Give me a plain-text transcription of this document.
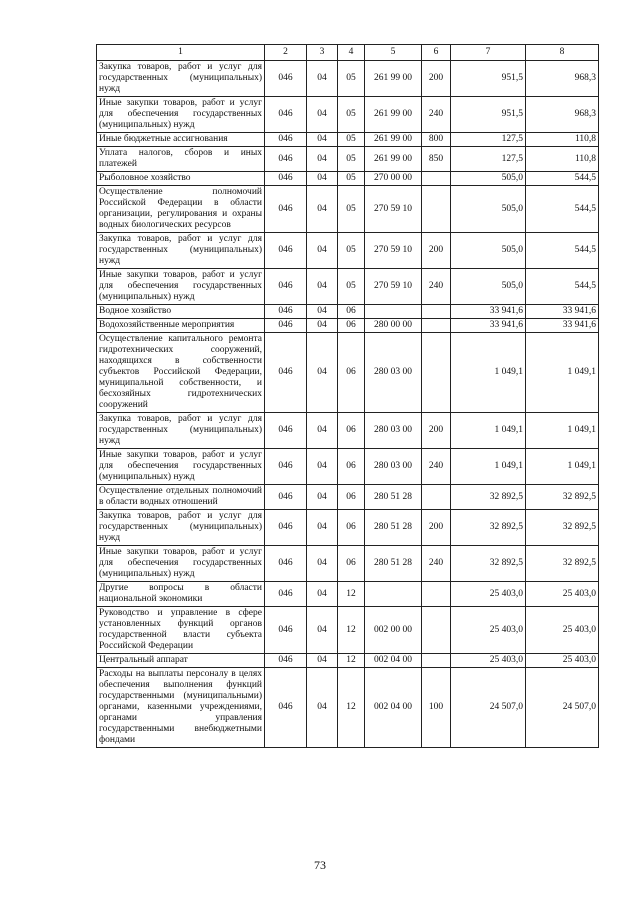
1	2	3	4	5	6	7	8
Закупка товаров, работ и услуг для государственных (муниципальных) нужд	046	04	05	261 99 00	200	951,5	968,3
Иные закупки товаров, работ и услуг для обеспечения государственных (муниципальных) нужд	046	04	05	261 99 00	240	951,5	968,3
Иные бюджетные ассигнования	046	04	05	261 99 00	800	127,5	110,8
Уплата налогов, сборов и иных платежей	046	04	05	261 99 00	850	127,5	110,8
Рыболовное хозяйство	046	04	05	270 00 00		505,0	544,5
Осуществление полномочий Российской Федерации в области организации, регулирования и охраны водных биологических ресурсов	046	04	05	270 59 10		505,0	544,5
Закупка товаров, работ и услуг для государственных (муниципальных) нужд	046	04	05	270 59 10	200	505,0	544,5
Иные закупки товаров, работ и услуг для обеспечения государственных (муниципальных) нужд	046	04	05	270 59 10	240	505,0	544,5
Водное хозяйство	046	04	06			33 941,6	33 941,6
Водохозяйственные мероприятия	046	04	06	280 00 00		33 941,6	33 941,6
Осуществление капитального ремонта гидротехнических сооружений, находящихся в собственности субъектов Российской Федерации, муниципальной собственности, и бесхозяйных гидротехнических сооружений	046	04	06	280 03 00		1 049,1	1 049,1
Закупка товаров, работ и услуг для государственных (муниципальных) нужд	046	04	06	280 03 00	200	1 049,1	1 049,1
Иные закупки товаров, работ и услуг для обеспечения государственных (муниципальных) нужд	046	04	06	280 03 00	240	1 049,1	1 049,1
Осуществление отдельных полномочий в области водных отношений	046	04	06	280 51 28		32 892,5	32 892,5
Закупка товаров, работ и услуг для государственных (муниципальных) нужд	046	04	06	280 51 28	200	32 892,5	32 892,5
Иные закупки товаров, работ и услуг для обеспечения государственных (муниципальных) нужд	046	04	06	280 51 28	240	32 892,5	32 892,5
Другие вопросы в области национальной экономики	046	04	12			25 403,0	25 403,0
Руководство и управление в сфере установленных функций органов государственной власти субъекта Российской Федерации	046	04	12	002 00 00		25 403,0	25 403,0
Центральный аппарат	046	04	12	002 04 00		25 403,0	25 403,0
Расходы на выплаты персоналу в целях обеспечения выполнения функций государственными (муниципальными) органами, казенными учреждениями, органами управления государственными внебюджетными фондами	046	04	12	002 04 00	100	24 507,0	24 507,0
73
